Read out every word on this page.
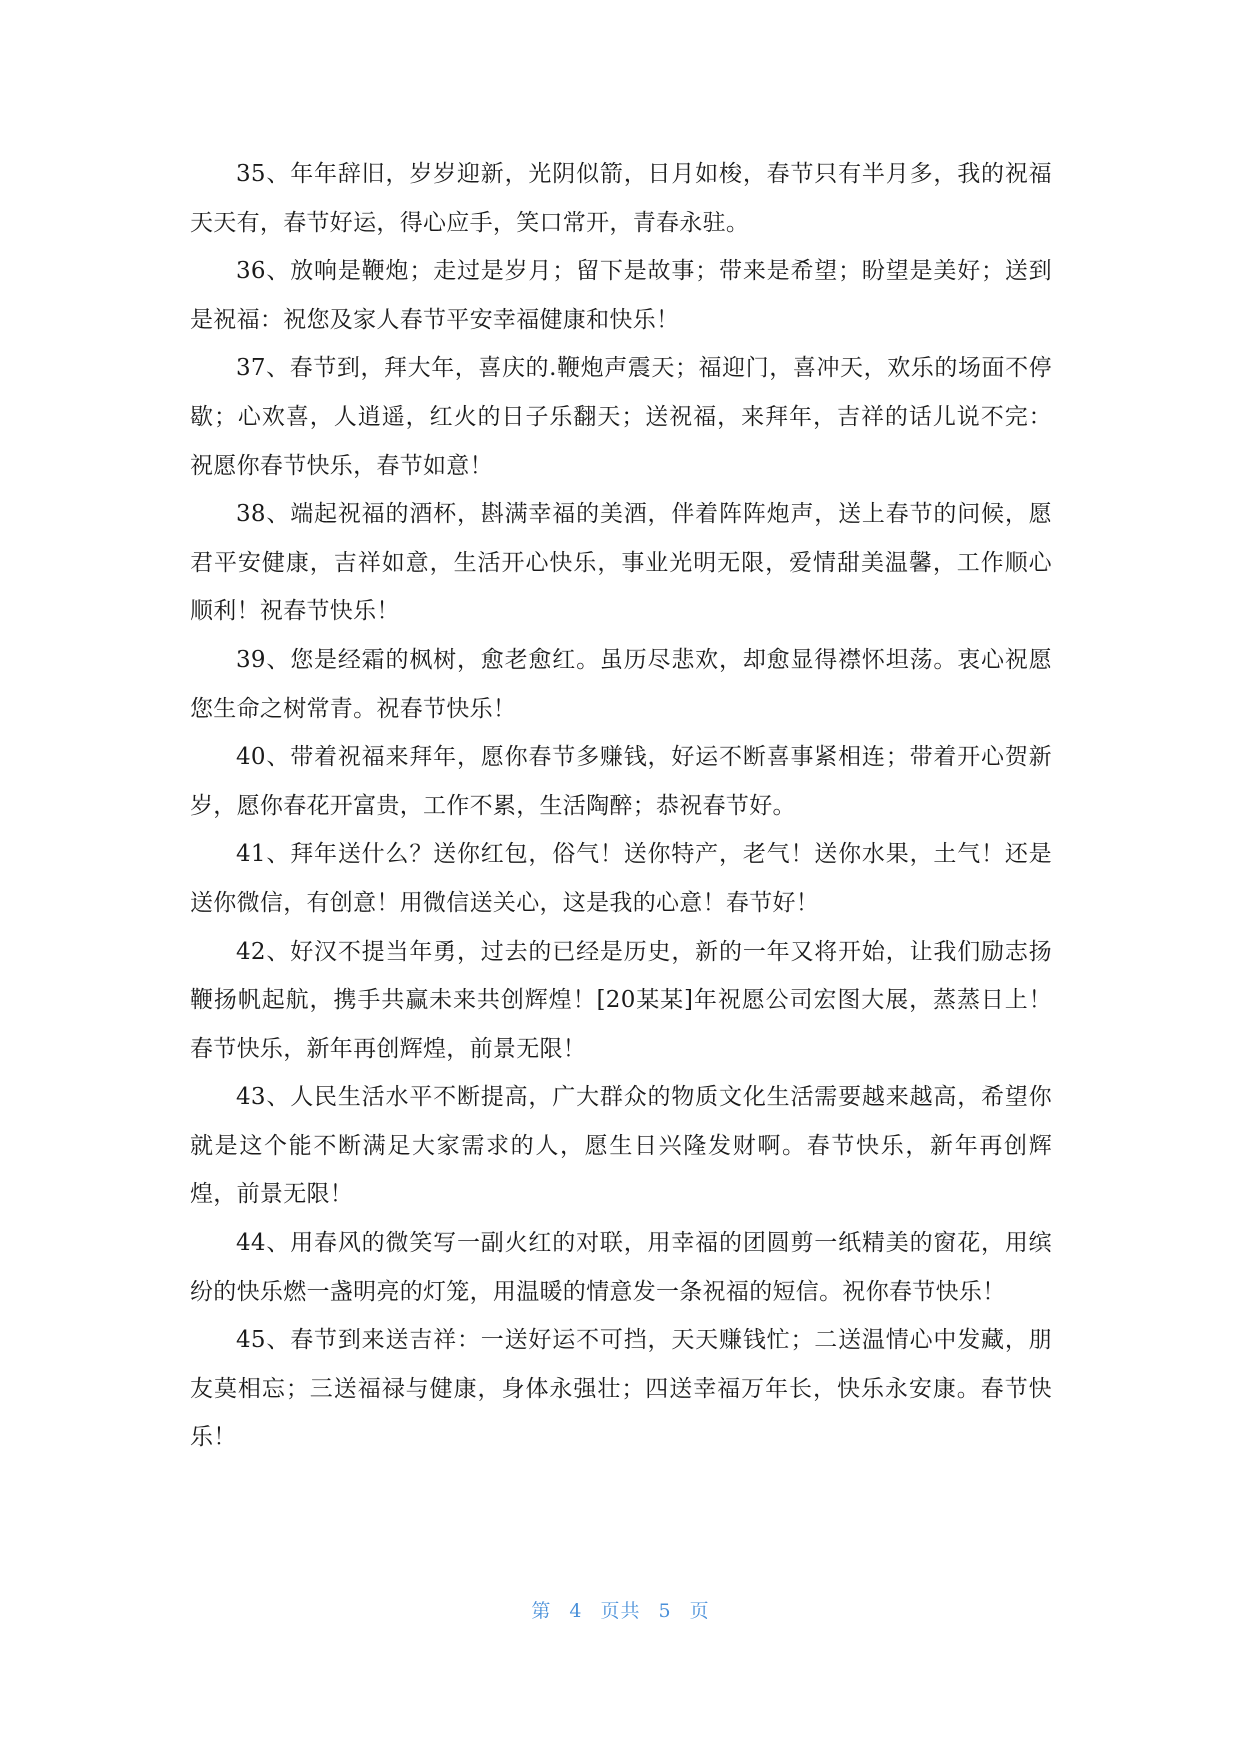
35、年年辞旧，岁岁迎新，光阴似箭，日月如梭，春节只有半月多，我的祝福天天有，春节好运，得心应手，笑口常开，青春永驻。

36、放响是鞭炮；走过是岁月；留下是故事；带来是希望；盼望是美好；送到是祝福：祝您及家人春节平安幸福健康和快乐！

37、春节到，拜大年，喜庆的.鞭炮声震天；福迎门，喜冲天，欢乐的场面不停歇；心欢喜，人逍遥，红火的日子乐翻天；送祝福，来拜年，吉祥的话儿说不完：祝愿你春节快乐，春节如意！

38、端起祝福的酒杯，斟满幸福的美酒，伴着阵阵炮声，送上春节的问候，愿君平安健康，吉祥如意，生活开心快乐，事业光明无限，爱情甜美温馨，工作顺心顺利！祝春节快乐！

39、您是经霜的枫树，愈老愈红。虽历尽悲欢，却愈显得襟怀坦荡。衷心祝愿您生命之树常青。祝春节快乐！

40、带着祝福来拜年，愿你春节多赚钱，好运不断喜事紧相连；带着开心贺新岁，愿你春花开富贵，工作不累，生活陶醉；恭祝春节好。

41、拜年送什么？送你红包，俗气！送你特产，老气！送你水果，土气！还是送你微信，有创意！用微信送关心，这是我的心意！春节好！

42、好汉不提当年勇，过去的已经是历史，新的一年又将开始，让我们励志扬鞭扬帆起航，携手共赢未来共创辉煌！[20某某]年祝愿公司宏图大展，蒸蒸日上！春节快乐，新年再创辉煌，前景无限！

43、人民生活水平不断提高，广大群众的物质文化生活需要越来越高，希望你就是这个能不断满足大家需求的人，愿生日兴隆发财啊。春节快乐，新年再创辉煌，前景无限！

44、用春风的微笑写一副火红的对联，用幸福的团圆剪一纸精美的窗花，用缤纷的快乐燃一盏明亮的灯笼，用温暖的情意发一条祝福的短信。祝你春节快乐！

45、春节到来送吉祥：一送好运不可挡，天天赚钱忙；二送温情心中发藏，朋友莫相忘；三送福禄与健康，身体永强壮；四送幸福万年长，快乐永安康。春节快乐！

第 4 页共 5 页
